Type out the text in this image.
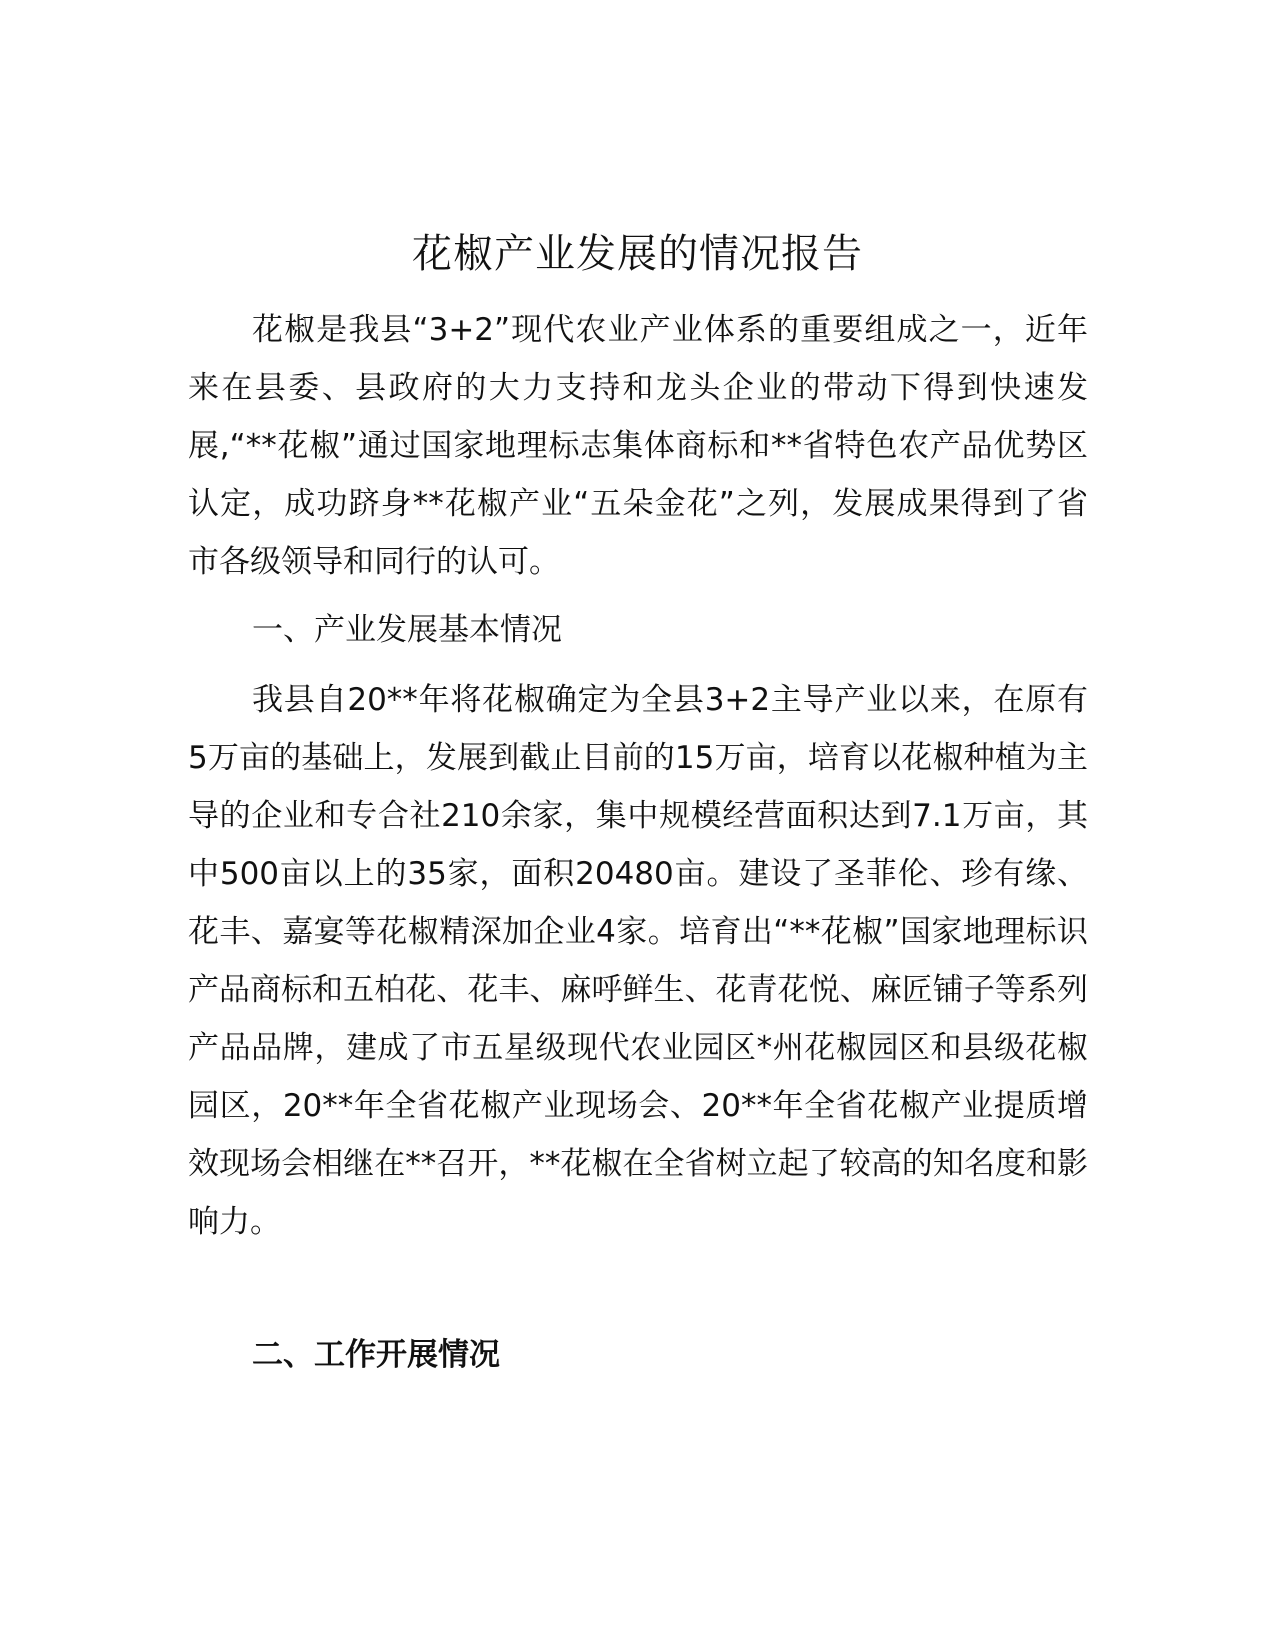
花椒产业发展的情况报告

花椒是我县“3+2”现代农业产业体系的重要组成之一，近年来在县委、县政府的大力支持和龙头企业的带动下得到快速发展,“**花椒”通过国家地理标志集体商标和**省特色农产品优势区认定，成功跻身**花椒产业“五朵金花”之列，发展成果得到了省市各级领导和同行的认可。

一、产业发展基本情况

我县自20**年将花椒确定为全县3+2主导产业以来，在原有5万亩的基础上，发展到截止目前的15万亩，培育以花椒种植为主导的企业和专合社210余家，集中规模经营面积达到7.1万亩，其中500亩以上的35家，面积20480亩。建设了圣菲伦、珍有缘、花丰、嘉宴等花椒精深加企业4家。培育出“**花椒”国家地理标识产品商标和五柏花、花丰、麻呼鲜生、花青花悦、麻匠铺子等系列产品品牌，建成了市五星级现代农业园区*州花椒园区和县级花椒园区，20**年全省花椒产业现场会、20**年全省花椒产业提质增效现场会相继在**召开，**花椒在全省树立起了较高的知名度和影响力。

二、工作开展情况
